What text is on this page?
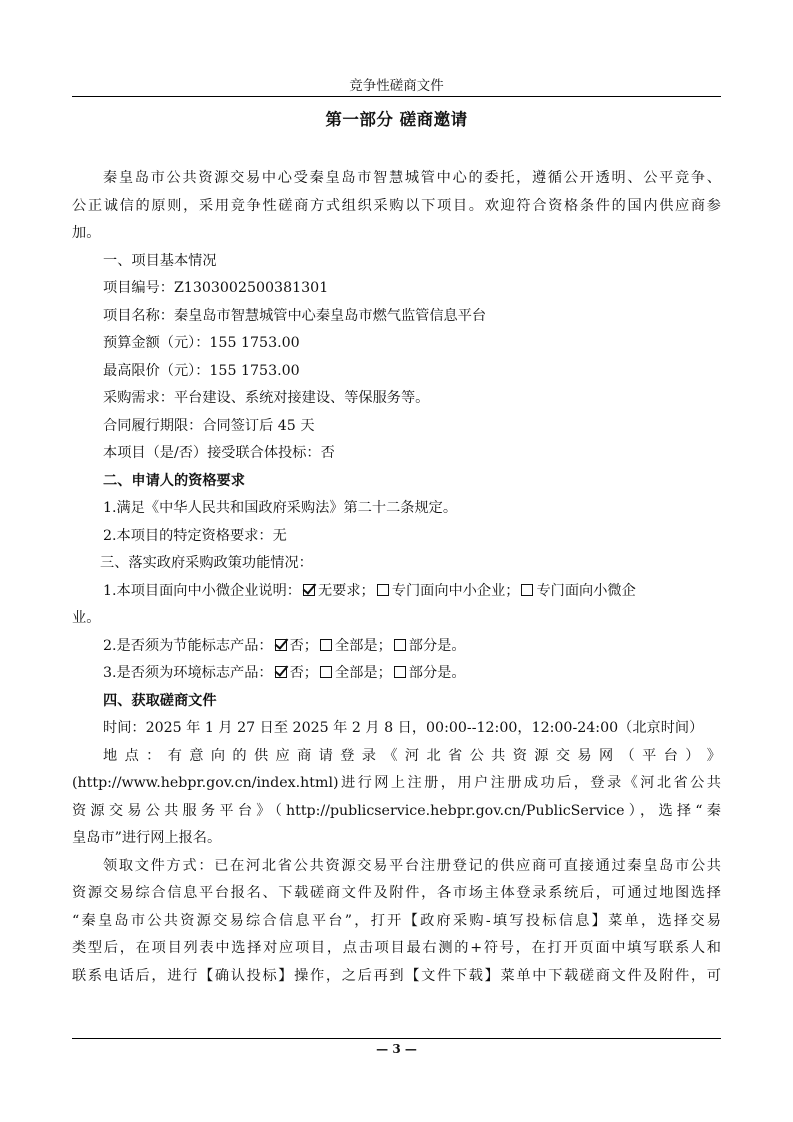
竞争性磋商文件
第一部分 磋商邀请
秦皇岛市公共资源交易中心受秦皇岛市智慧城管中心的委托，遵循公开透明、公平竞争、
公正诚信的原则，采用竞争性磋商方式组织采购以下项目。欢迎符合资格条件的国内供应商参
加。
一、项目基本情况
项目编号：Z1303002500381301
项目名称：秦皇岛市智慧城管中心秦皇岛市燃气监管信息平台
预算金额（元）：155 1753.00
最高限价（元）：155 1753.00
采购需求：平台建设、系统对接建设、等保服务等。
合同履行期限：合同签订后 45 天
本项目（是/否）接受联合体投标：否
二、申请人的资格要求
1.满足《中华人民共和国政府采购法》第二十二条规定。
2.本项目的特定资格要求：无
三、落实政府采购政策功能情况：
1.本项目面向中小微企业说明： 无要求； 专门面向中小企业； 专门面向小微企
业。
2.是否须为节能标志产品： 否； 全部是； 部分是。
3.是否须为环境标志产品： 否； 全部是； 部分是。
四、获取磋商文件
时间：2025 年 1 月 27 日至 2025 年 2 月 8 日，00:00--12:00，12:00-24:00（北京时间）
地 点 ： 有 意 向 的 供 应 商 请 登 录 《 河 北 省 公 共 资 源 交 易 网 （ 平 台 ） 》
(http://www.hebpr.gov.cn/index.html)进行网上注册，用户注册成功后，登录《河北省公共
资源交易公共服务平台》（http://publicservice.hebpr.gov.cn/PublicService），选择“秦
皇岛市”进行网上报名。
领取文件方式：已在河北省公共资源交易平台注册登记的供应商可直接通过秦皇岛市公共
资源交易综合信息平台报名、下载磋商文件及附件，各市场主体登录系统后，可通过地图选择
“秦皇岛市公共资源交易综合信息平台”，打开【政府采购-填写投标信息】菜单，选择交易
类型后，在项目列表中选择对应项目，点击项目最右测的+符号，在打开页面中填写联系人和
联系电话后，进行【确认投标】操作，之后再到【文件下载】菜单中下载磋商文件及附件，可
— 3 —
